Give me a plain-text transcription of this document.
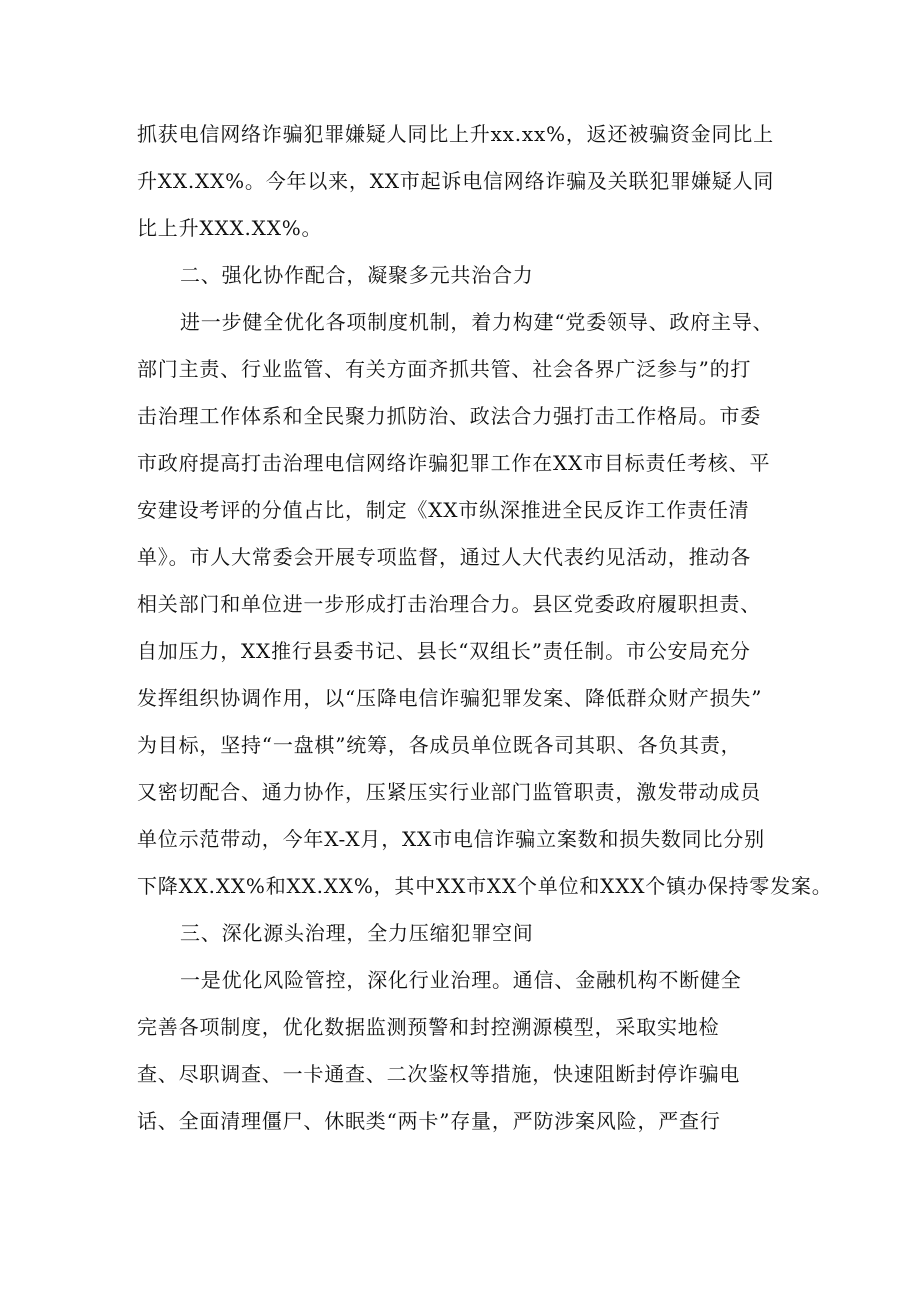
抓获电信网络诈骗犯罪嫌疑人同比上升xx.xx%，返还被骗资金同比上
升XX.XX%。今年以来，XX市起诉电信网络诈骗及关联犯罪嫌疑人同
比上升XXX.XX%。
二、强化协作配合，凝聚多元共治合力
进一步健全优化各项制度机制，着力构建“党委领导、政府主导、
部门主责、行业监管、有关方面齐抓共管、社会各界广泛参与”的打
击治理工作体系和全民聚力抓防治、政法合力强打击工作格局。市委
市政府提高打击治理电信网络诈骗犯罪工作在XX市目标责任考核、平
安建设考评的分值占比，制定《XX市纵深推进全民反诈工作责任清
单》。市人大常委会开展专项监督，通过人大代表约见活动，推动各
相关部门和单位进一步形成打击治理合力。县区党委政府履职担责、
自加压力，XX推行县委书记、县长“双组长”责任制。市公安局充分
发挥组织协调作用，以“压降电信诈骗犯罪发案、降低群众财产损失”
为目标，坚持“一盘棋”统筹，各成员单位既各司其职、各负其责，
又密切配合、通力协作，压紧压实行业部门监管职责，激发带动成员
单位示范带动，今年X-X月，XX市电信诈骗立案数和损失数同比分别
下降XX.XX%和XX.XX%，其中XX市XX个单位和XXX个镇办保持零发案。
三、深化源头治理，全力压缩犯罪空间
一是优化风险管控，深化行业治理。通信、金融机构不断健全
完善各项制度，优化数据监测预警和封控溯源模型，采取实地检
查、尽职调查、一卡通查、二次鉴权等措施，快速阻断封停诈骗电
话、全面清理僵尸、休眠类“两卡”存量，严防涉案风险，严查行
